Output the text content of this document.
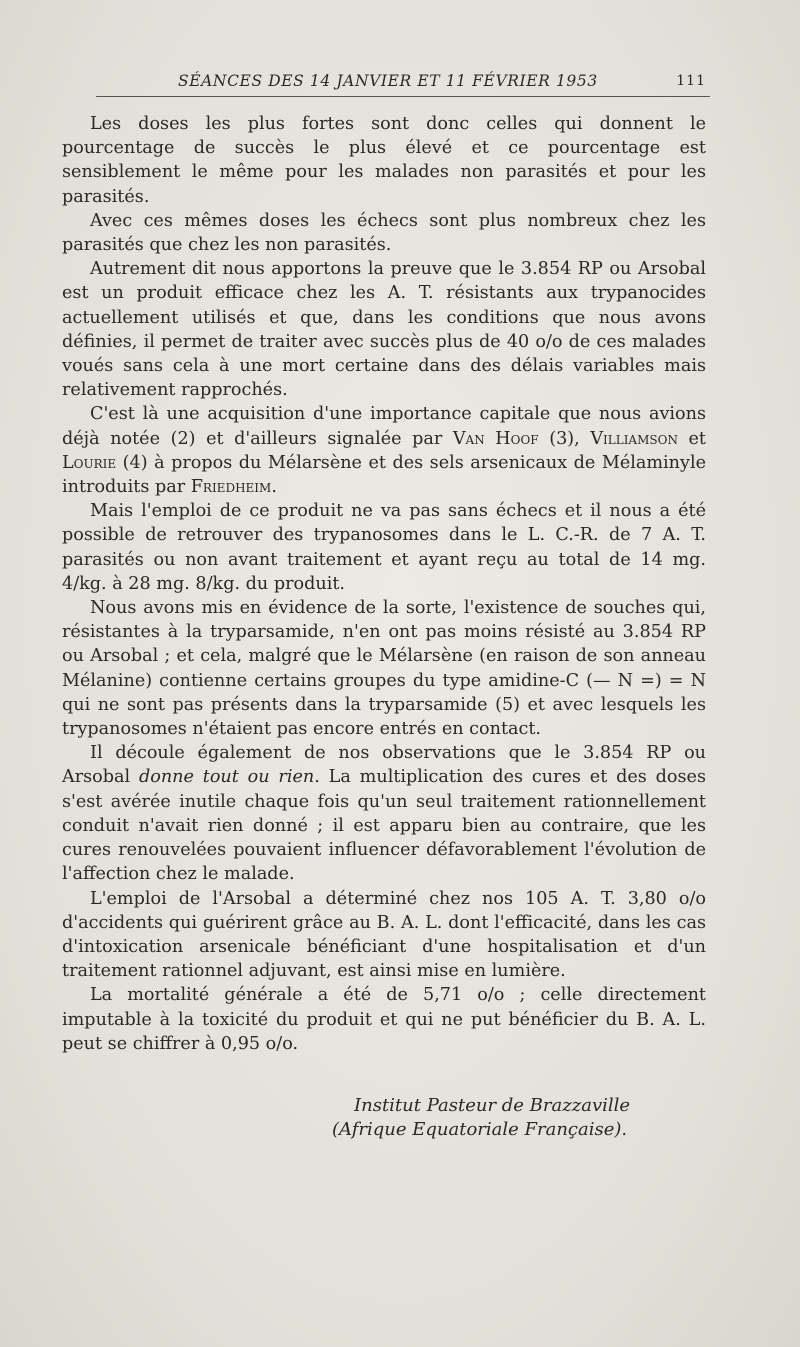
SÉANCES DES 14 JANVIER ET 11 FÉVRIER 1953	111

Les doses les plus fortes sont donc celles qui donnent le pourcentage de succès le plus élevé et ce pourcentage est sensiblement le même pour les malades non parasités et pour les parasités.

Avec ces mêmes doses les échecs sont plus nombreux chez les parasités que chez les non parasités.

Autrement dit nous apportons la preuve que le 3.854 RP ou Arsobal est un produit efficace chez les A. T. résistants aux trypanocides actuellement utilisés et que, dans les conditions que nous avons définies, il permet de traiter avec succès plus de 40 o/o de ces malades voués sans cela à une mort certaine dans des délais variables mais relativement rapprochés.

C'est là une acquisition d'une importance capitale que nous avions déjà notée (2) et d'ailleurs signalée par Van Hoof (3), Villiamson et Lourie (4) à propos du Mélarsène et des sels arsenicaux de Mélaminyle introduits par Friedheim.

Mais l'emploi de ce produit ne va pas sans échecs et il nous a été possible de retrouver des trypanosomes dans le L. C.-R. de 7 A. T. parasités ou non avant traitement et ayant reçu au total de 14 mg. 4/kg. à 28 mg. 8/kg. du produit.

Nous avons mis en évidence de la sorte, l'existence de souches qui, résistantes à la tryparsamide, n'en ont pas moins résisté au 3.854 RP ou Arsobal ; et cela, malgré que le Mélarsène (en raison de son anneau Mélanine) contienne certains groupes du type amidine-C (— N =) = N qui ne sont pas présents dans la tryparsamide (5) et avec lesquels les trypanosomes n'étaient pas encore entrés en contact.

Il découle également de nos observations que le 3.854 RP ou Arsobal donne tout ou rien. La multiplication des cures et des doses s'est avérée inutile chaque fois qu'un seul traitement rationnellement conduit n'avait rien donné ; il est apparu bien au contraire, que les cures renouvelées pouvaient influencer défavorablement l'évolution de l'affection chez le malade.

L'emploi de l'Arsobal a déterminé chez nos 105 A. T. 3,80 o/o d'accidents qui guérirent grâce au B. A. L. dont l'efficacité, dans les cas d'intoxication arsenicale bénéficiant d'une hospitalisation et d'un traitement rationnel adjuvant, est ainsi mise en lumière.

La mortalité générale a été de 5,71 o/o ; celle directement imputable à la toxicité du produit et qui ne put bénéficier du B. A. L. peut se chiffrer à 0,95 o/o.

Institut Pasteur de Brazzaville
(Afrique Equatoriale Française).
